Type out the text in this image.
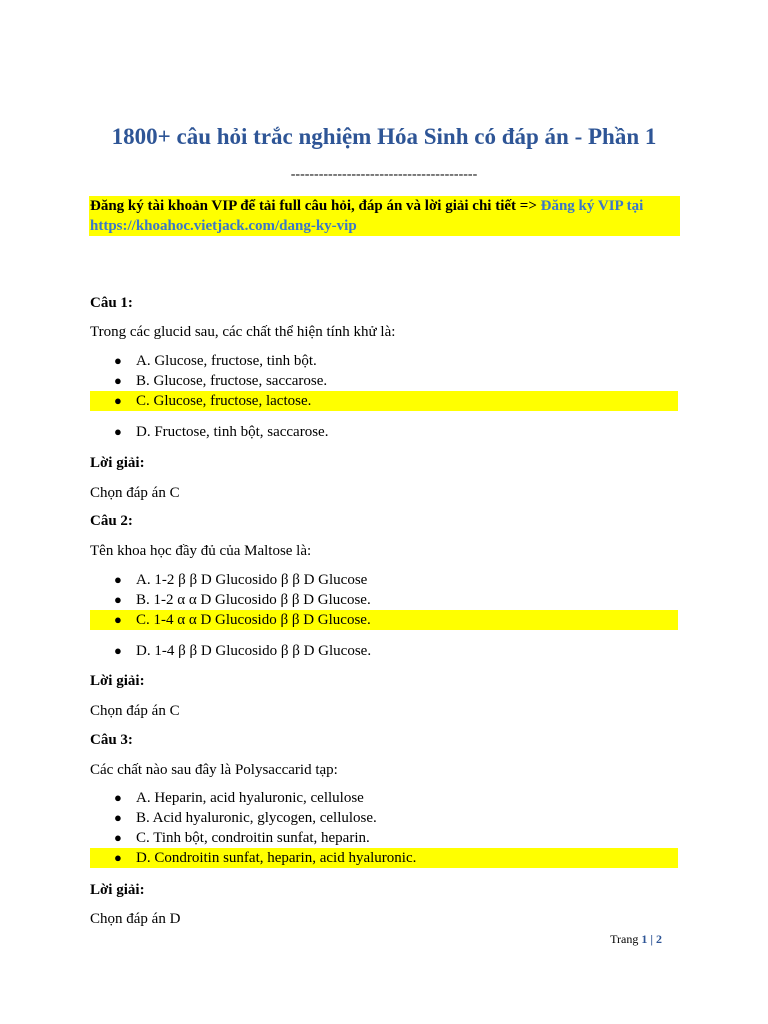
1800+ câu hỏi trắc nghiệm Hóa Sinh có đáp án - Phần 1
----------------------------------------
Đăng ký tài khoản VIP để tải full câu hỏi, đáp án và lời giải chi tiết => Đăng ký VIP tại
https://khoahoc.vietjack.com/dang-ky-vip
Câu 1:
Trong các glucid sau, các chất thể hiện tính khử là:
● A. Glucose, fructose, tinh bột.
● B. Glucose, fructose, saccarose.
● C. Glucose, fructose, lactose.
● D. Fructose, tinh bột, saccarose.
Lời giải:
Chọn đáp án C
Câu 2:
Tên khoa học đầy đủ của Maltose là:
● A. 1-2 β β D Glucosido β β D Glucose
● B. 1-2 α α D Glucosido β β D Glucose.
● C. 1-4 α α D Glucosido β β D Glucose.
● D. 1-4 β β D Glucosido β β D Glucose.
Lời giải:
Chọn đáp án C
Câu 3:
Các chất nào sau đây là Polysaccarid tạp:
● A. Heparin, acid hyaluronic, cellulose
● B. Acid hyaluronic, glycogen, cellulose.
● C. Tinh bột, condroitin sunfat, heparin.
● D. Condroitin sunfat, heparin, acid hyaluronic.
Lời giải:
Chọn đáp án D
Trang 1 | 2
